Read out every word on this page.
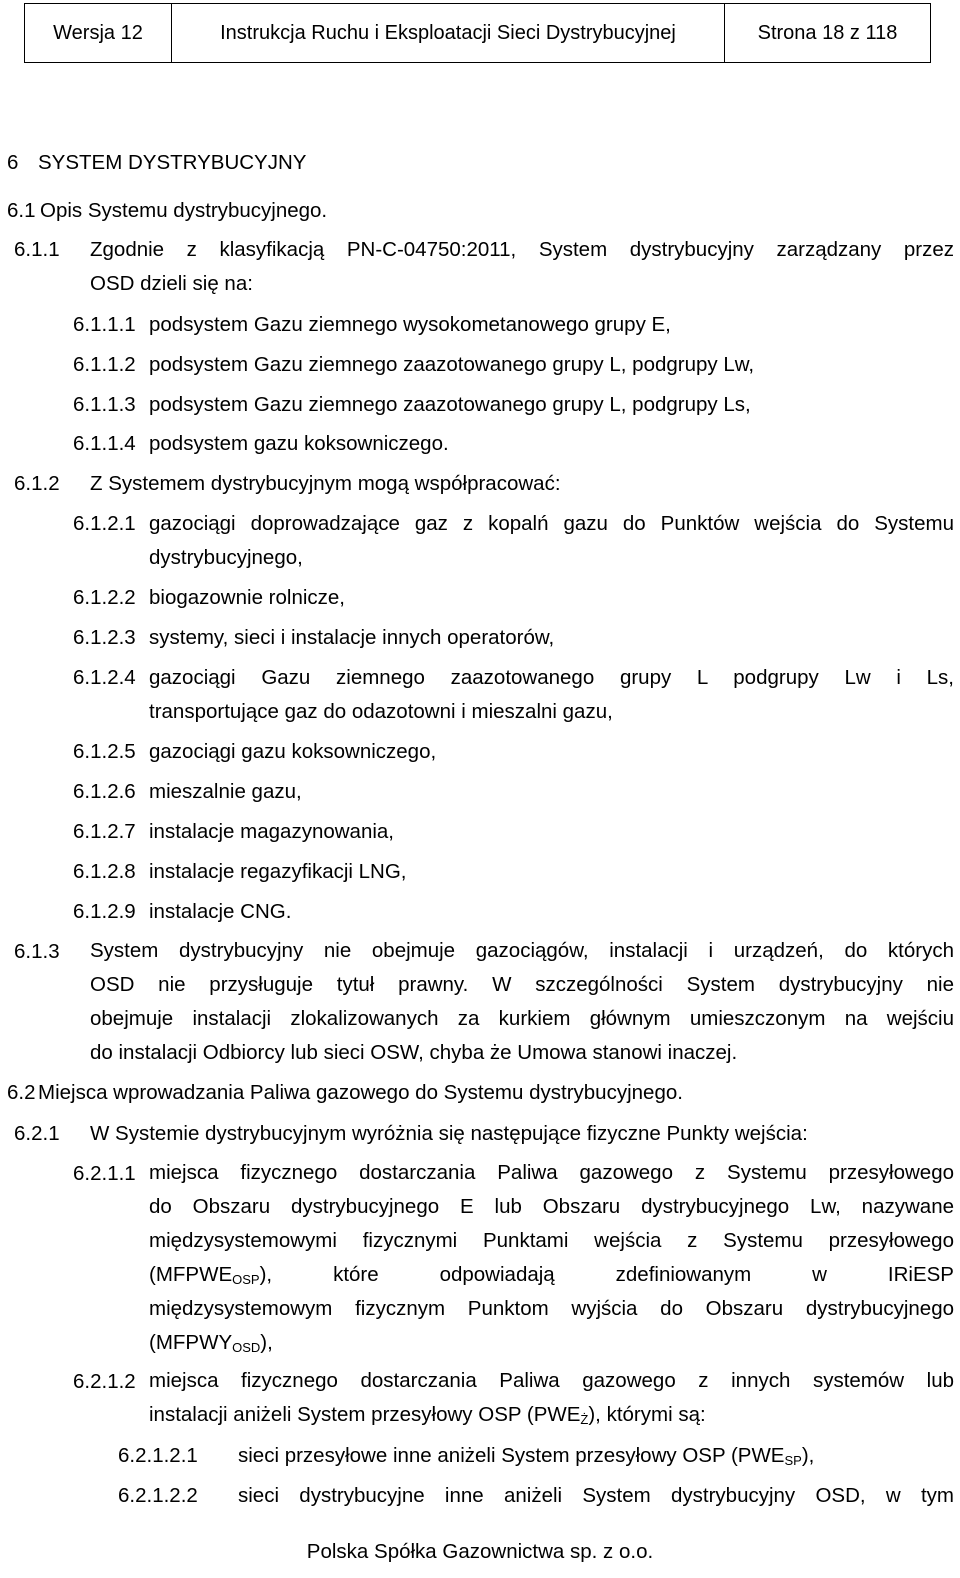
Wersja 12	Instrukcja Ruchu i Eksploatacji Sieci Dystrybucyjnej	Strona 18 z 118
6 SYSTEM DYSTRYBUCYJNY
6.1 Opis Systemu dystrybucyjnego.
6.1.1 Zgodnie z klasyfikacją PN-C-04750:2011, System dystrybucyjny zarządzany przez
OSD dzieli się na:
6.1.1.1 podsystem Gazu ziemnego wysokometanowego grupy E,
6.1.1.2 podsystem Gazu ziemnego zaazotowanego grupy L, podgrupy Lw,
6.1.1.3 podsystem Gazu ziemnego zaazotowanego grupy L, podgrupy Ls,
6.1.1.4 podsystem gazu koksowniczego.
6.1.2 Z Systemem dystrybucyjnym mogą współpracować:
6.1.2.1 gazociągi doprowadzające gaz z kopalń gazu do Punktów wejścia do Systemu
dystrybucyjnego,
6.1.2.2 biogazownie rolnicze,
6.1.2.3 systemy, sieci i instalacje innych operatorów,
6.1.2.4 gazociągi Gazu ziemnego zaazotowanego grupy L podgrupy Lw i Ls,
transportujące gaz do odazotowni i mieszalni gazu,
6.1.2.5 gazociągi gazu koksowniczego,
6.1.2.6 mieszalnie gazu,
6.1.2.7 instalacje magazynowania,
6.1.2.8 instalacje regazyfikacji LNG,
6.1.2.9 instalacje CNG.
6.1.3 System dystrybucyjny nie obejmuje gazociągów, instalacji i urządzeń, do których
OSD nie przysługuje tytuł prawny. W szczególności System dystrybucyjny nie
obejmuje instalacji zlokalizowanych za kurkiem głównym umieszczonym na wejściu
do instalacji Odbiorcy lub sieci OSW, chyba że Umowa stanowi inaczej.
6.2 Miejsca wprowadzania Paliwa gazowego do Systemu dystrybucyjnego.
6.2.1 W Systemie dystrybucyjnym wyróżnia się następujące fizyczne Punkty wejścia:
6.2.1.1 miejsca fizycznego dostarczania Paliwa gazowego z Systemu przesyłowego
do Obszaru dystrybucyjnego E lub Obszaru dystrybucyjnego Lw, nazywane
międzysystemowymi fizycznymi Punktami wejścia z Systemu przesyłowego
$(MFPWE_{OSP})$,	które	odpowiadają	zdefiniowanym	w IRiESP
międzysystemowym fizycznym Punktom wyjścia do Obszaru dystrybucyjnego
$(MFPWY_{OSD})$,
6.2.1.2 miejsca fizycznego dostarczania Paliwa gazowego z innych systemów lub
instalacji aniżeli System przesyłowy OSP $(PWE_Ż)$, którymi są:
6.2.1.2.1 sieci przesyłowe inne aniżeli System przesyłowy OSP $(PWE_{SP})$,
6.2.1.2.2 sieci dystrybucyjne inne aniżeli System dystrybucyjny OSD, w tym
Polska Spółka Gazownictwa sp. z o.o.
